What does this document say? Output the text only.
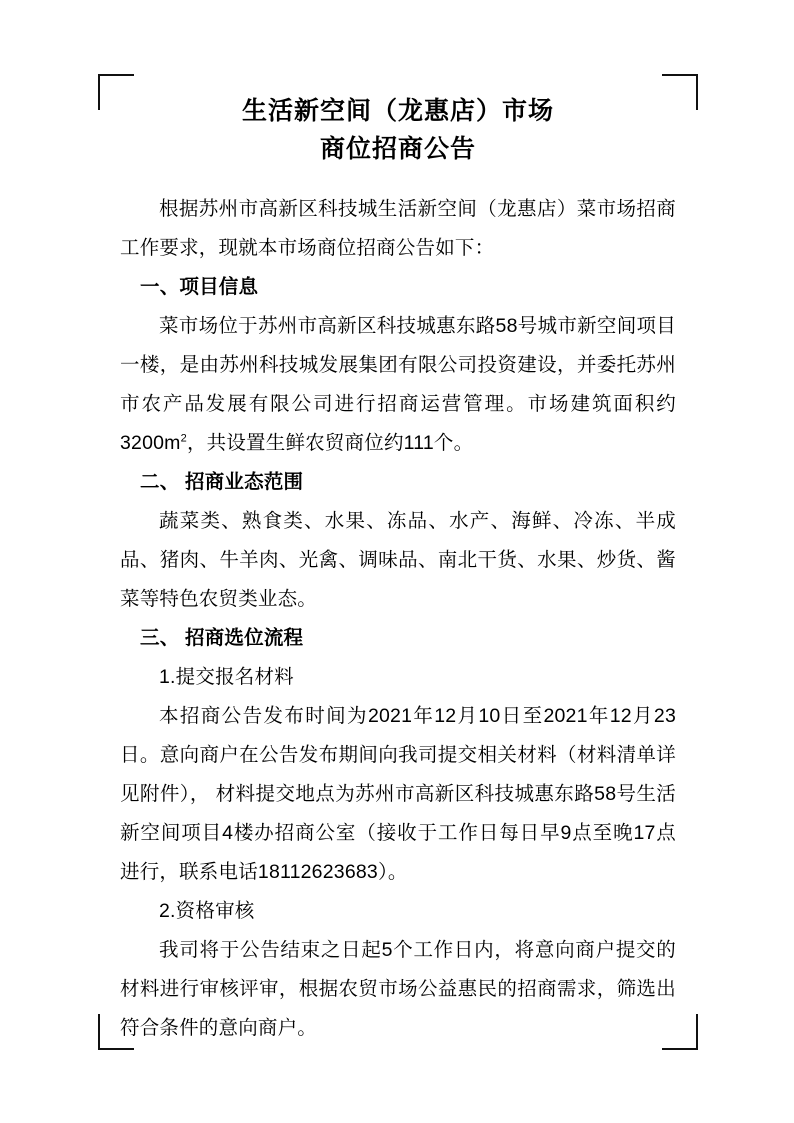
生活新空间（龙惠店）市场
商位招商公告

根据苏州市高新区科技城生活新空间（龙惠店）菜市场招商工作要求，现就本市场商位招商公告如下：

一、项目信息

菜市场位于苏州市高新区科技城惠东路58号城市新空间项目一楼，是由苏州科技城发展集团有限公司投资建设，并委托苏州市农产品发展有限公司进行招商运营管理。市场建筑面积约$3200m^2$，共设置生鲜农贸商位约111个。

二、 招商业态范围

蔬菜类、熟食类、水果、冻品、水产、海鲜、冷冻、半成品、猪肉、牛羊肉、光禽、调味品、南北干货、水果、炒货、酱菜等特色农贸类业态。

三、 招商选位流程

1.提交报名材料

本招商公告发布时间为2021年12月10日至2021年12月23日。意向商户在公告发布期间向我司提交相关材料（材料清单详见附件）， 材料提交地点为苏州市高新区科技城惠东路58号生活新空间项目4楼办招商公室（接收于工作日每日早9点至晚17点进行，联系电话18112623683）。

2.资格审核

我司将于公告结束之日起5个工作日内，将意向商户提交的材料进行审核评审，根据农贸市场公益惠民的招商需求，筛选出符合条件的意向商户。
